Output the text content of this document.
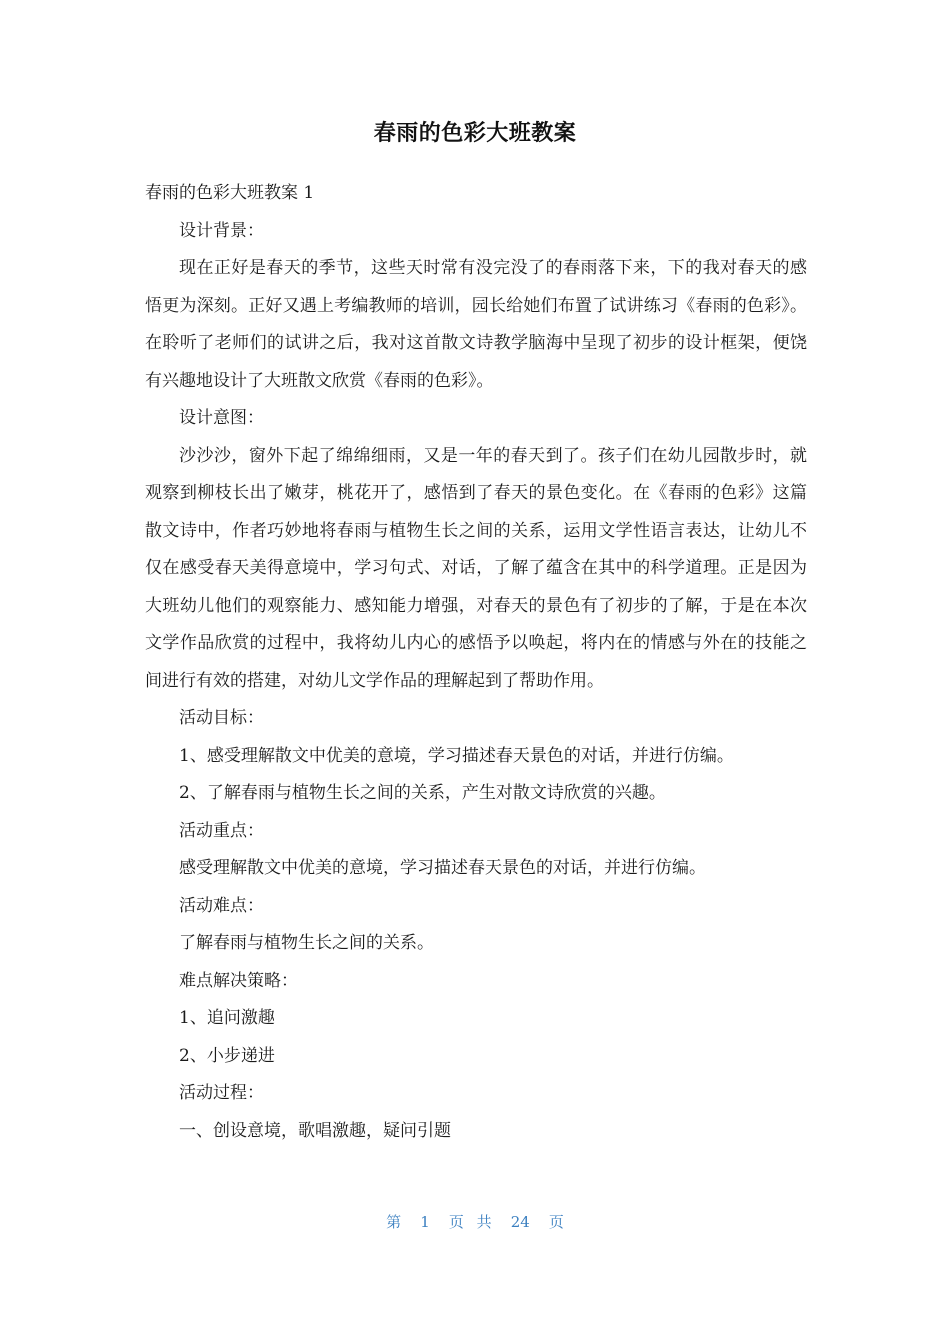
春雨的色彩大班教案

春雨的色彩大班教案 1

设计背景：

现在正好是春天的季节，这些天时常有没完没了的春雨落下来，下的我对春天的感悟更为深刻。正好又遇上考编教师的培训，园长给她们布置了试讲练习《春雨的色彩》。在聆听了老师们的试讲之后，我对这首散文诗教学脑海中呈现了初步的设计框架，便饶有兴趣地设计了大班散文欣赏《春雨的色彩》。

设计意图：

沙沙沙，窗外下起了绵绵细雨，又是一年的春天到了。孩子们在幼儿园散步时，就观察到柳枝长出了嫩芽，桃花开了，感悟到了春天的景色变化。在《春雨的色彩》这篇散文诗中，作者巧妙地将春雨与植物生长之间的关系，运用文学性语言表达，让幼儿不仅在感受春天美得意境中，学习句式、对话，了解了蕴含在其中的科学道理。正是因为大班幼儿他们的观察能力、感知能力增强，对春天的景色有了初步的了解，于是在本次文学作品欣赏的过程中，我将幼儿内心的感悟予以唤起，将内在的情感与外在的技能之间进行有效的搭建，对幼儿文学作品的理解起到了帮助作用。

活动目标：

1、感受理解散文中优美的意境，学习描述春天景色的对话，并进行仿编。

2、了解春雨与植物生长之间的关系，产生对散文诗欣赏的兴趣。

活动重点：

感受理解散文中优美的意境，学习描述春天景色的对话，并进行仿编。

活动难点：

了解春雨与植物生长之间的关系。

难点解决策略：

1、追问激趣

2、小步递进

活动过程：

一、创设意境，歌唱激趣，疑问引题

第 1 页 共 24 页
